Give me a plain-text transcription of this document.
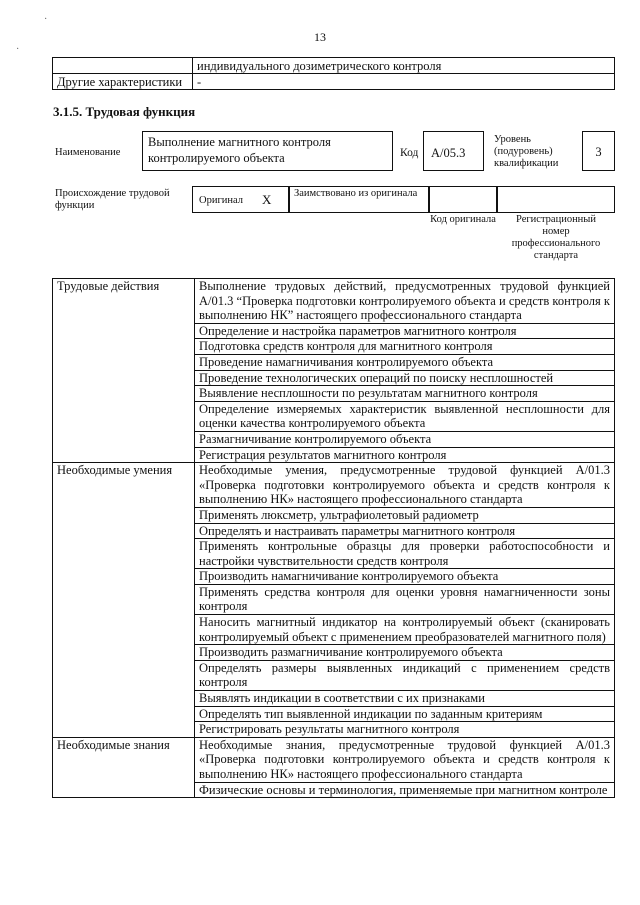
13
·
·
	индивидуального дозиметрического контроля
Другие характеристики	-
3.1.5. Трудовая функция
Наименование
Выполнение магнитного контроля контролируемого объекта	Код	A/05.3
Уровень (подуровень) квалификации
3
Происхождение трудовой функции	Оригинал X Заимствовано из оригинала
Код оригинала	Регистрационный номер профессионального стандарта
Трудовые действия	Выполнение трудовых действий, предусмотренных трудовой функцией A/01.3 “Проверка подготовки контролируемого объекта и средств контроля к выполнению НК” настоящего профессионального стандарта
	Определение и настройка параметров магнитного контроля
	Подготовка средств контроля для магнитного контроля
	Проведение намагничивания контролируемого объекта
	Проведение технологических операций по поиску несплошностей
	Выявление несплошности по результатам магнитного контроля
	Определение измеряемых характеристик выявленной несплошности для оценки качества контролируемого объекта
	Размагничивание контролируемого объекта
	Регистрация результатов магнитного контроля
Необходимые умения	Необходимые умения, предусмотренные трудовой функцией A/01.3 «Проверка подготовки контролируемого объекта и средств контроля к выполнению НК» настоящего профессионального стандарта
	Применять люксметр, ультрафиолетовый радиометр
	Определять и настраивать параметры магнитного контроля
	Применять контрольные образцы для проверки работоспособности и настройки чувствительности средств контроля
	Производить намагничивание контролируемого объекта
	Применять средства контроля для оценки уровня намагниченности зоны контроля
	Наносить магнитный индикатор на контролируемый объект (сканировать контролируемый объект с применением преобразователей магнитного поля)
	Производить размагничивание контролируемого объекта
	Определять размеры выявленных индикаций с применением средств контроля
	Выявлять индикации в соответствии с их признаками
	Определять тип выявленной индикации по заданным критериям
	Регистрировать результаты магнитного контроля
Необходимые знания	Необходимые знания, предусмотренные трудовой функцией A/01.3 «Проверка подготовки контролируемого объекта и средств контроля к выполнению НК» настоящего профессионального стандарта
	Физические основы и терминология, применяемые при магнитном контроле
